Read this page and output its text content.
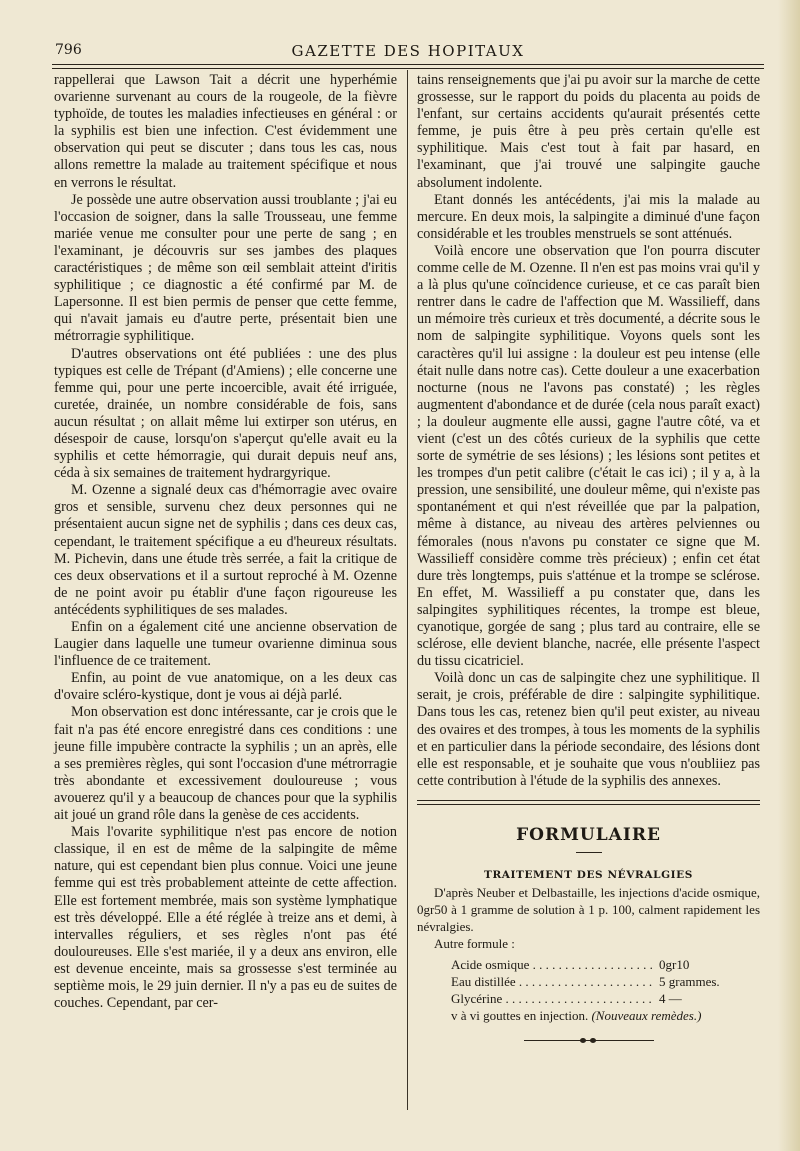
796	GAZETTE DES HOPITAUX

rappellerai que Lawson Tait a décrit une hyperhémie ovarienne survenant au cours de la rougeole, de la fièvre typhoïde, de toutes les maladies infectieuses en général : or la syphilis est bien une infection. C'est évidemment une observation qui peut se discuter ; dans tous les cas, nous allons remettre la malade au traitement spécifique et nous en verrons le résultat.

Je possède une autre observation aussi troublante ; j'ai eu l'occasion de soigner, dans la salle Trousseau, une femme mariée venue me consulter pour une perte de sang ; en l'examinant, je découvris sur ses jambes des plaques caractéristiques ; de même son œil semblait atteint d'iritis syphilitique ; ce diagnostic a été confirmé par M. de Lapersonne. Il est bien permis de penser que cette femme, qui n'avait jamais eu d'autre perte, présentait bien une métrorragie syphilitique.

D'autres observations ont été publiées : une des plus typiques est celle de Trépant (d'Amiens) ; elle concerne une femme qui, pour une perte incoercible, avait été irriguée, curetée, drainée, un nombre considérable de fois, sans aucun résultat ; on allait même lui extirper son utérus, en désespoir de cause, lorsqu'on s'aperçut qu'elle avait eu la syphilis et cette hémorragie, qui durait depuis neuf ans, céda à six semaines de traitement hydrargyrique.

M. Ozenne a signalé deux cas d'hémorragie avec ovaire gros et sensible, survenu chez deux personnes qui ne présentaient aucun signe net de syphilis ; dans ces deux cas, cependant, le traitement spécifique a eu d'heureux résultats. M. Pichevin, dans une étude très serrée, a fait la critique de ces deux observations et il a surtout reproché à M. Ozenne de ne point avoir pu établir d'une façon rigoureuse les antécédents syphilitiques de ses malades.

Enfin on a également cité une ancienne observation de Laugier dans laquelle une tumeur ovarienne diminua sous l'influence de ce traitement.

Enfin, au point de vue anatomique, on a les deux cas d'ovaire scléro-kystique, dont je vous ai déjà parlé.

Mon observation est donc intéressante, car je crois que le fait n'a pas été encore enregistré dans ces conditions : une jeune fille impubère contracte la syphilis ; un an après, elle a ses premières règles, qui sont l'occasion d'une métrorragie très abondante et excessivement douloureuse ; vous avouerez qu'il y a beaucoup de chances pour que la syphilis ait joué un grand rôle dans la genèse de ces accidents.

Mais l'ovarite syphilitique n'est pas encore de notion classique, il en est de même de la salpingite de même nature, qui est cependant bien plus connue. Voici une jeune femme qui est très probablement atteinte de cette affection. Elle est fortement membrée, mais son système lymphatique est très développé. Elle a été réglée à treize ans et demi, à intervalles réguliers, et ses règles n'ont pas été douloureuses. Elle s'est mariée, il y a deux ans environ, elle est devenue enceinte, mais sa grossesse s'est terminée au septième mois, le 29 juin dernier. Il n'y a pas eu de suites de couches. Cependant, par cer-

tains renseignements que j'ai pu avoir sur la marche de cette grossesse, sur le rapport du poids du placenta au poids de l'enfant, sur certains accidents qu'aurait présentés cette femme, je puis être à peu près certain qu'elle est syphilitique. Mais c'est tout à fait par hasard, en l'examinant, que j'ai trouvé une salpingite gauche absolument indolente.

Etant donnés les antécédents, j'ai mis la malade au mercure. En deux mois, la salpingite a diminué d'une façon considérable et les troubles menstruels se sont atténués.

Voilà encore une observation que l'on pourra discuter comme celle de M. Ozenne. Il n'en est pas moins vrai qu'il y a là plus qu'une coïncidence curieuse, et ce cas paraît bien rentrer dans le cadre de l'affection que M. Wassilieff, dans un mémoire très curieux et très documenté, a décrite sous le nom de salpingite syphilitique. Voyons quels sont les caractères qu'il lui assigne : la douleur est peu intense (elle était nulle dans notre cas). Cette douleur a une exacerbation nocturne (nous ne l'avons pas constaté) ; les règles augmentent d'abondance et de durée (cela nous paraît exact) ; la douleur augmente elle aussi, gagne l'autre côté, va et vient (c'est un des côtés curieux de la syphilis que cette sorte de symétrie de ses lésions) ; les lésions sont petites et les trompes d'un petit calibre (c'était le cas ici) ; il y a, à la pression, une sensibilité, une douleur même, qui n'existe pas spontanément et qui n'est réveillée que par la palpation, même à distance, au niveau des artères pelviennes ou fémorales (nous n'avons pu constater ce signe que M. Wassilieff considère comme très précieux) ; enfin cet état dure très longtemps, puis s'atténue et la trompe se sclérose. En effet, M. Wassilieff a pu constater que, dans les salpingites syphilitiques récentes, la trompe est bleue, cyanotique, gorgée de sang ; plus tard au contraire, elle se sclérose, elle devient blanche, nacrée, elle présente l'aspect du tissu cicatriciel.

Voilà donc un cas de salpingite chez une syphilitique. Il serait, je crois, préférable de dire : salpingite syphilitique. Dans tous les cas, retenez bien qu'il peut exister, au niveau des ovaires et des trompes, à tous les moments de la syphilis et en particulier dans la période secondaire, des lésions dont elle est responsable, et je souhaite que vous n'oubliiez pas cette contribution à l'étude de la syphilis des annexes.

FORMULAIRE
TRAITEMENT DES NÉVRALGIES

D'après Neuber et Delbastaille, les injections d'acide osmique, 0gr50 à 1 gramme de solution à 1 p. 100, calment rapidement les névralgies.

Autre formule :

Acide osmique . . .	0gr10
Eau distillée . . .	5 grammes.
Glycérine . . .	4 —

v à vi gouttes en injection. (Nouveaux remèdes.)
